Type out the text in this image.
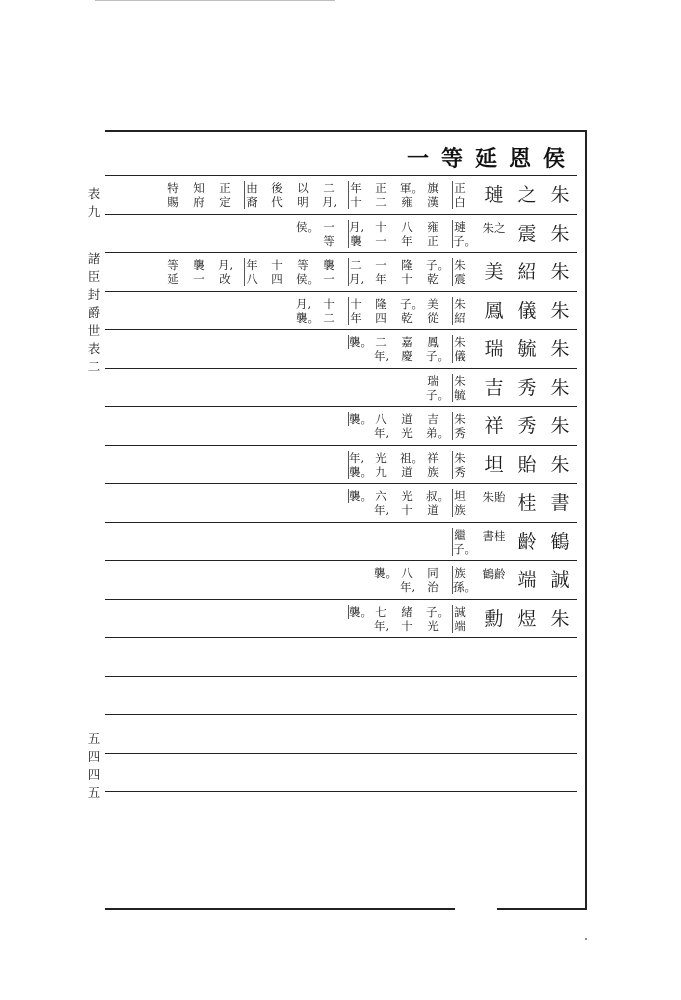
表九
諸臣封爵世表二
五四四五
一等延恩侯
朱
之
璉
正白
旗漢
軍。雍
正二
年十
二月,
以明
後代
由裔
正定
知府
特賜
朱
震
朱之
璉子。
雍正
八年
十一
月,襲
一等
侯。
朱
紹
美
朱震
子。乾
隆十
一年
二月,
襲一
等侯。
十四
年八
月,改
襲一
等延
朱
儀
鳳
朱紹
美從
子。乾
隆四
十年
十二
月,襲。
朱
毓
瑞
朱儀
鳳子。
嘉慶
二年,
襲。
朱
秀
吉
朱毓
瑞子。
朱
秀
祥
朱秀
吉弟。
道光
八年,
襲。
朱
貽
坦
朱秀
祥族
祖。道
光九
年,襲。
書
桂
朱貽
坦族
叔。道
光十
六年,
襲。
鶴
齡
書桂
繼子。
誠
端
鶴齡
族孫。
同治
八年,
襲。
朱
煜
勳
誠端
子。光
緒十
七年,
襲。
